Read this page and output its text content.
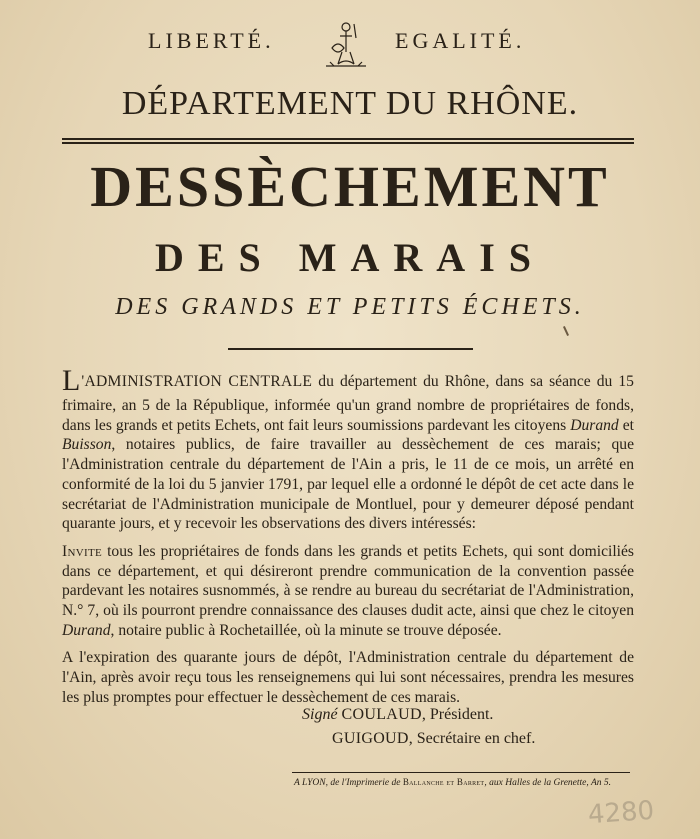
LIBERTÉ.	EGALITÉ.
DÉPARTEMENT DU RHÔNE.
DESSÈCHEMENT
DES MARAIS
DES GRANDS ET PETITS ÉCHETS.

L'ADMINISTRATION CENTRALE du département du Rhône, dans sa séance du 15 frimaire, an 5 de la République, informée qu'un grand nombre de propriétaires de fonds, dans les grands et petits Echets, ont fait leurs soumissions pardevant les citoyens Durand et Buisson, notaires publics, de faire travailler au dessèchement de ces marais; que l'Administration centrale du département de l'Ain a pris, le 11 de ce mois, un arrêté en conformité de la loi du 5 janvier 1791, par lequel elle a ordonné le dépôt de cet acte dans le secrétariat de l'Administration municipale de Montluel, pour y demeurer déposé pendant quarante jours, et y recevoir les observations des divers intéressés:

Invite tous les propriétaires de fonds dans les grands et petits Echets, qui sont domiciliés dans ce département, et qui désireront prendre communication de la convention passée pardevant les notaires susnommés, à se rendre au bureau du secrétariat de l'Administration, N.° 7, où ils pourront prendre connaissance des clauses dudit acte, ainsi que chez le citoyen Durand, notaire public à Rochetaillée, où la minute se trouve déposée.

A l'expiration des quarante jours de dépôt, l'Administration centrale du département de l'Ain, après avoir reçu tous les renseignemens qui lui sont nécessaires, prendra les mesures les plus promptes pour effectuer le dessèchement de ces marais.

Signé COULAUD, Président.
GUIGOUD, Secrétaire en chef.
A LYON, de l'Imprimerie de Ballanche et Barret, aux Halles de la Grenette, An 5.
4280
